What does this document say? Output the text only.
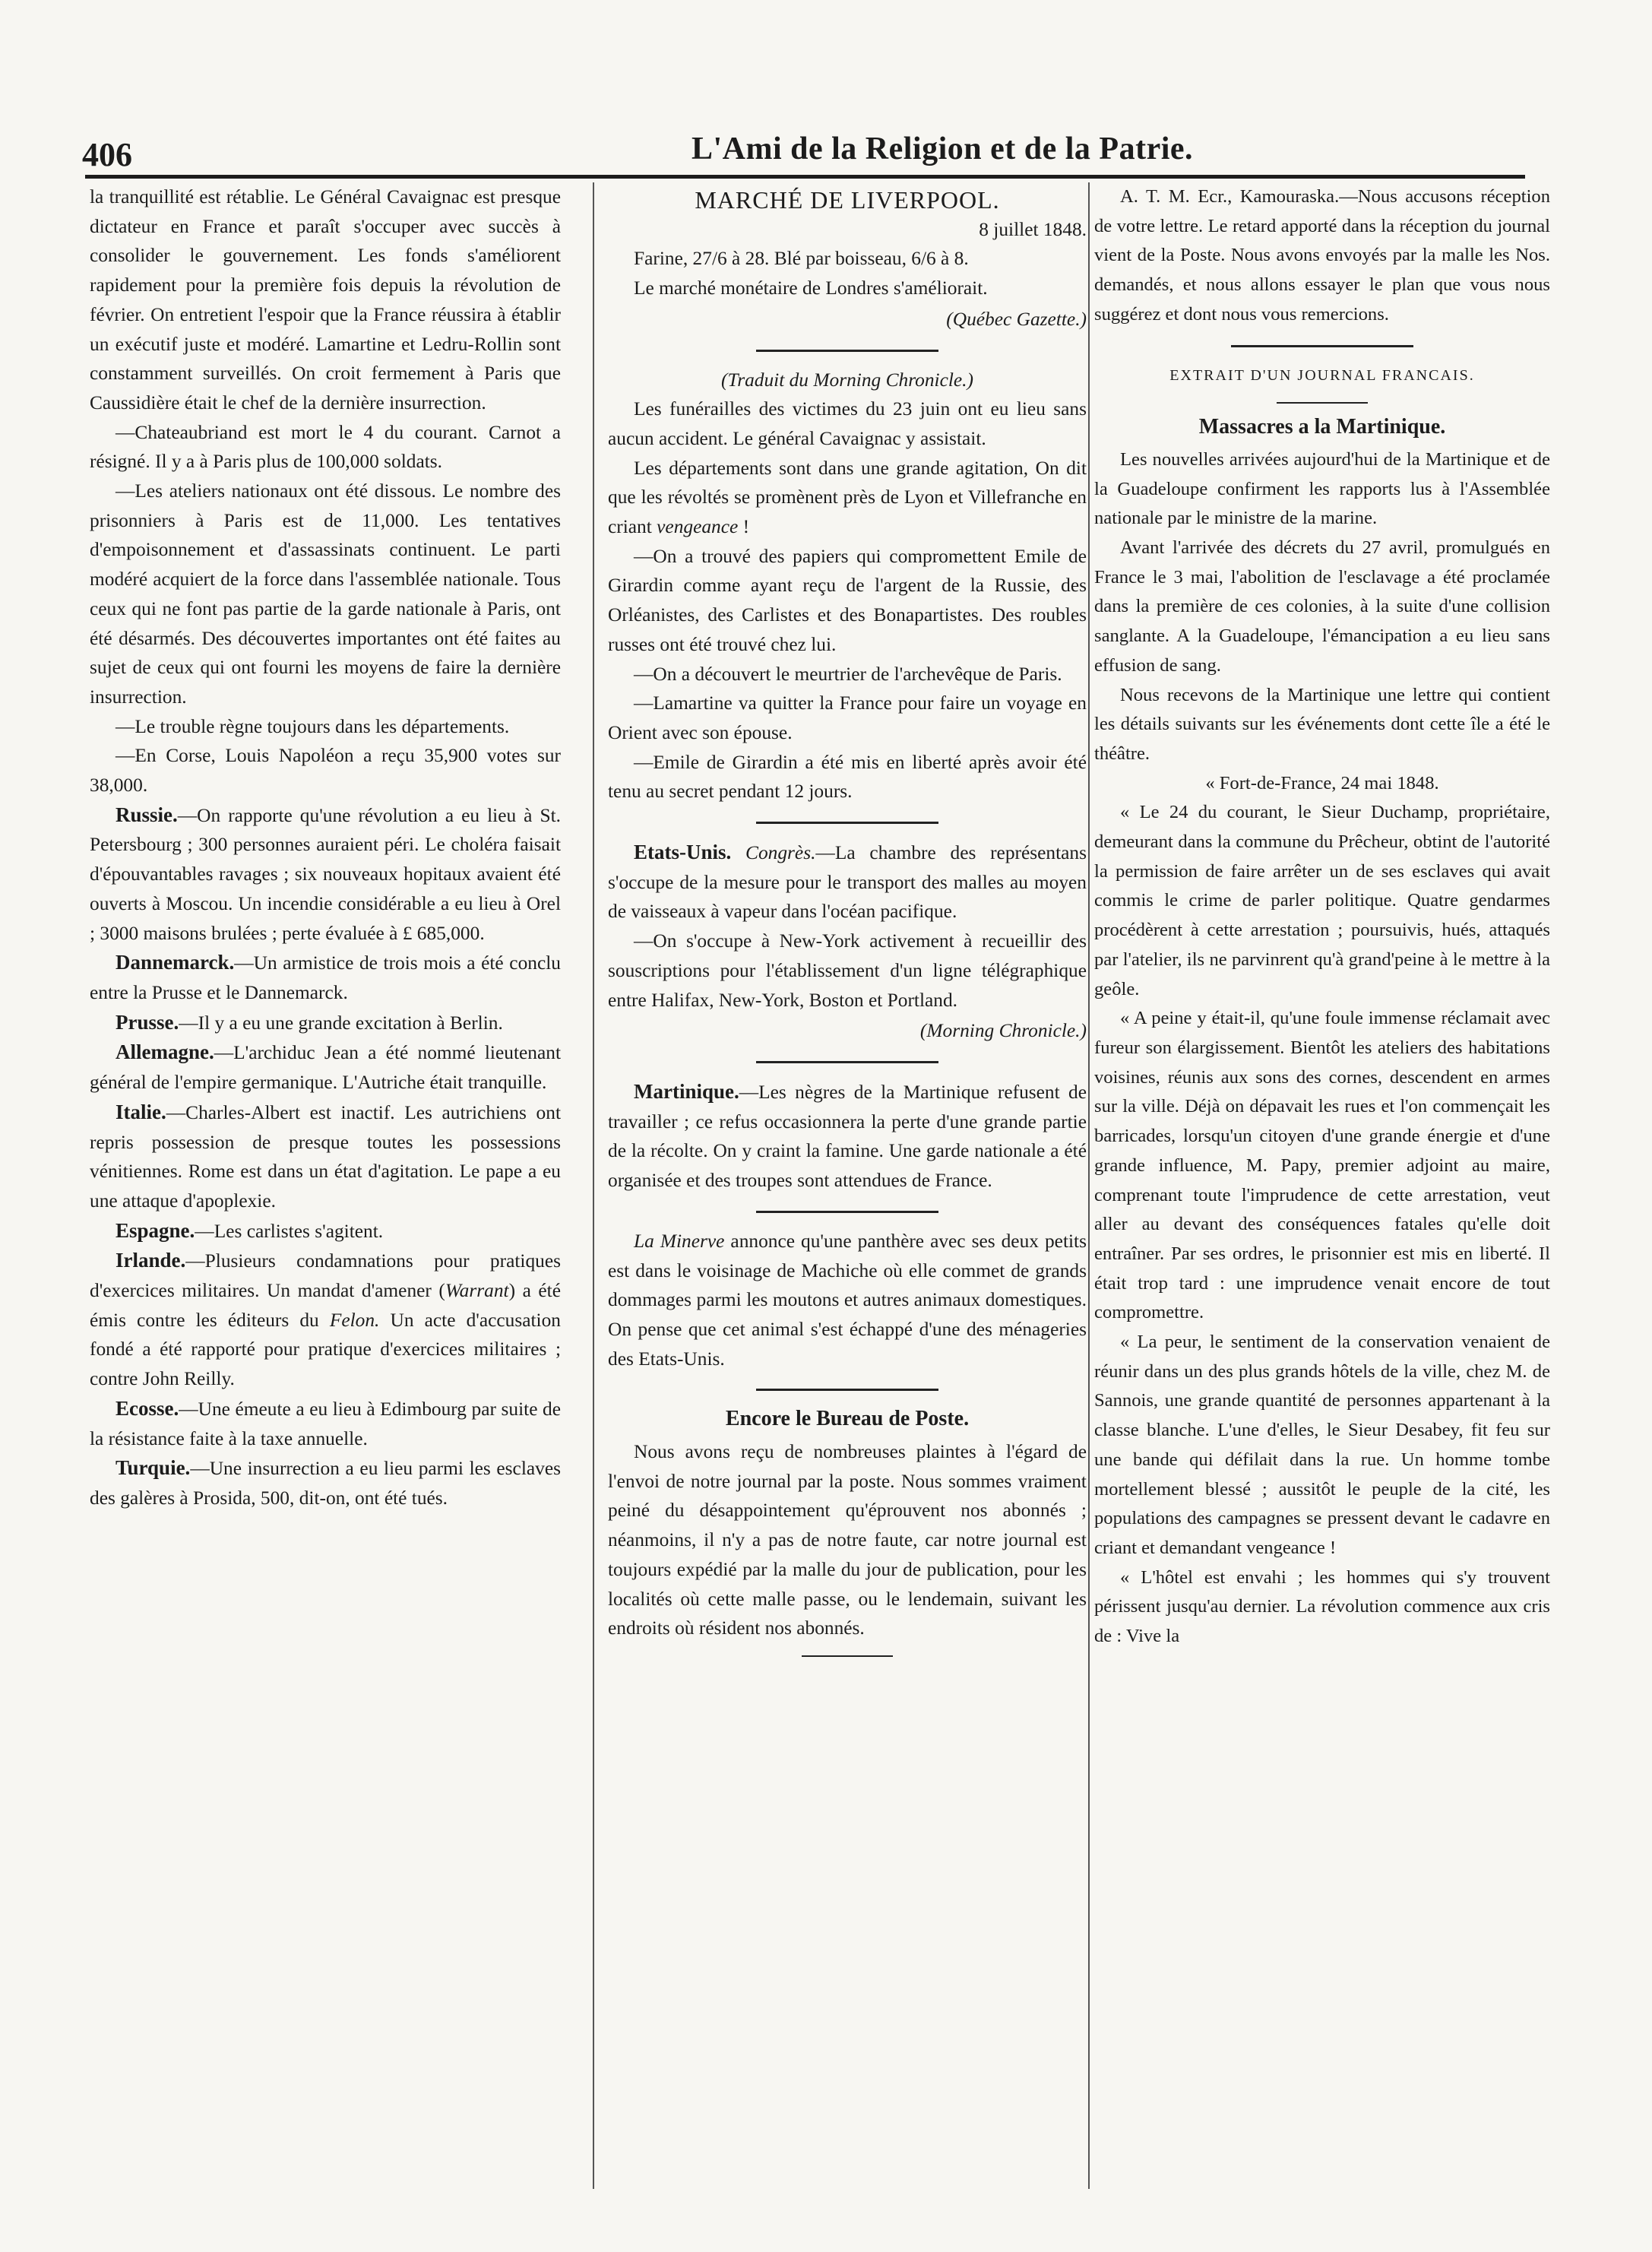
406	L'Ami de la Religion et de la Patrie.

la tranquillité est rétablie. Le Général Cavaignac est presque dictateur en France et paraît s'occuper avec succès à consolider le gouvernement. Les fonds s'améliorent rapidement pour la première fois depuis la révolution de février. On entretient l'espoir que la France réussira à établir un exécutif juste et modéré. Lamartine et Ledru-Rollin sont constamment surveillés. On croit fermement à Paris que Caussidière était le chef de la dernière insurrection.

—Chateaubriand est mort le 4 du courant. Carnot a résigné. Il y a à Paris plus de 100,000 soldats.

—Les ateliers nationaux ont été dissous. Le nombre des prisonniers à Paris est de 11,000. Les tentatives d'empoisonnement et d'assassinats continuent. Le parti modéré acquiert de la force dans l'assemblée nationale. Tous ceux qui ne font pas partie de la garde nationale à Paris, ont été désarmés. Des découvertes importantes ont été faites au sujet de ceux qui ont fourni les moyens de faire la dernière insurrection.

—Le trouble règne toujours dans les départements.

—En Corse, Louis Napoléon a reçu 35,900 votes sur 38,000.

Russie.—On rapporte qu'une révolution a eu lieu à St. Petersbourg ; 300 personnes auraient péri. Le choléra faisait d'épouvantables ravages ; six nouveaux hopitaux avaient été ouverts à Moscou. Un incendie considérable a eu lieu à Orel ; 3000 maisons brulées ; perte évaluée à £ 685,000.

Dannemarck.—Un armistice de trois mois a été conclu entre la Prusse et le Dannemarck.

Prusse.—Il y a eu une grande excitation à Berlin.

Allemagne.—L'archiduc Jean a été nommé lieutenant général de l'empire germanique. L'Autriche était tranquille.

Italie.—Charles-Albert est inactif. Les autrichiens ont repris possession de presque toutes les possessions vénitiennes. Rome est dans un état d'agitation. Le pape a eu une attaque d'apoplexie.

Espagne.—Les carlistes s'agitent.

Irlande.—Plusieurs condamnations pour pratiques d'exercices militaires. Un mandat d'amener (Warrant) a été émis contre les éditeurs du Felon. Un acte d'accusation fondé a été rapporté pour pratique d'exercices militaires ; contre John Reilly.

Ecosse.—Une émeute a eu lieu à Edimbourg par suite de la résistance faite à la taxe annuelle.

Turquie.—Une insurrection a eu lieu parmi les esclaves des galères à Prosida, 500, dit-on, ont été tués.

MARCHÉ DE LIVERPOOL.

8 juillet 1848.

Farine, 27/6 à 28. Blé par boisseau, 6/6 à 8.

Le marché monétaire de Londres s'améliorait.

(Québec Gazette.)

(Traduit du Morning Chronicle.)

Les funérailles des victimes du 23 juin ont eu lieu sans aucun accident. Le général Cavaignac y assistait.

Les départements sont dans une grande agitation, On dit que les révoltés se promènent près de Lyon et Villefranche en criant vengeance !

—On a trouvé des papiers qui compromettent Emile de Girardin comme ayant reçu de l'argent de la Russie, des Orléanistes, des Carlistes et des Bonapartistes. Des roubles russes ont été trouvé chez lui.

—On a découvert le meurtrier de l'archevêque de Paris.

—Lamartine va quitter la France pour faire un voyage en Orient avec son épouse.

—Emile de Girardin a été mis en liberté après avoir été tenu au secret pendant 12 jours.

Etats-Unis. Congrès.—La chambre des représentans s'occupe de la mesure pour le transport des malles au moyen de vaisseaux à vapeur dans l'océan pacifique.

—On s'occupe à New-York activement à recueillir des souscriptions pour l'établissement d'un ligne télégraphique entre Halifax, New-York, Boston et Portland.

(Morning Chronicle.)

Martinique.—Les nègres de la Martinique refusent de travailler ; ce refus occasionnera la perte d'une grande partie de la récolte. On y craint la famine. Une garde nationale a été organisée et des troupes sont attendues de France.

La Minerve annonce qu'une panthère avec ses deux petits est dans le voisinage de Machiche où elle commet de grands dommages parmi les moutons et autres animaux domestiques. On pense que cet animal s'est échappé d'une des ménageries des Etats-Unis.

Encore le Bureau de Poste.

Nous avons reçu de nombreuses plaintes à l'égard de l'envoi de notre journal par la poste. Nous sommes vraiment peiné du désappointement qu'éprouvent nos abonnés ; néanmoins, il n'y a pas de notre faute, car notre journal est toujours expédié par la malle du jour de publication, pour les localités où cette malle passe, ou le lendemain, suivant les endroits où résident nos abonnés.

A. T. M. Ecr., Kamouraska.—Nous accusons réception de votre lettre. Le retard apporté dans la réception du journal vient de la Poste. Nous avons envoyés par la malle les Nos. demandés, et nous allons essayer le plan que vous nous suggérez et dont nous vous remercions.

EXTRAIT D'UN JOURNAL FRANCAIS.

Massacres a la Martinique.

Les nouvelles arrivées aujourd'hui de la Martinique et de la Guadeloupe confirment les rapports lus à l'Assemblée nationale par le ministre de la marine.

Avant l'arrivée des décrets du 27 avril, promulgués en France le 3 mai, l'abolition de l'esclavage a été proclamée dans la première de ces colonies, à la suite d'une collision sanglante. A la Guadeloupe, l'émancipation a eu lieu sans effusion de sang.

Nous recevons de la Martinique une lettre qui contient les détails suivants sur les événements dont cette île a été le théâtre.

« Fort-de-France, 24 mai 1848.

« Le 24 du courant, le Sieur Duchamp, propriétaire, demeurant dans la commune du Prêcheur, obtint de l'autorité la permission de faire arrêter un de ses esclaves qui avait commis le crime de parler politique. Quatre gendarmes procédèrent à cette arrestation ; poursuivis, hués, attaqués par l'atelier, ils ne parvinrent qu'à grand'peine à le mettre à la geôle.

« A peine y était-il, qu'une foule immense réclamait avec fureur son élargissement. Bientôt les ateliers des habitations voisines, réunis aux sons des cornes, descendent en armes sur la ville. Déjà on dépavait les rues et l'on commençait les barricades, lorsqu'un citoyen d'une grande énergie et d'une grande influence, M. Papy, premier adjoint au maire, comprenant toute l'imprudence de cette arrestation, veut aller au devant des conséquences fatales qu'elle doit entraîner. Par ses ordres, le prisonnier est mis en liberté. Il était trop tard : une imprudence venait encore de tout compromettre.

« La peur, le sentiment de la conservation venaient de réunir dans un des plus grands hôtels de la ville, chez M. de Sannois, une grande quantité de personnes appartenant à la classe blanche. L'une d'elles, le Sieur Desabey, fit feu sur une bande qui défilait dans la rue. Un homme tombe mortellement blessé ; aussitôt le peuple de la cité, les populations des campagnes se pressent devant le cadavre en criant et demandant vengeance !

« L'hôtel est envahi ; les hommes qui s'y trouvent périssent jusqu'au dernier. La révolution commence aux cris de : Vive la
